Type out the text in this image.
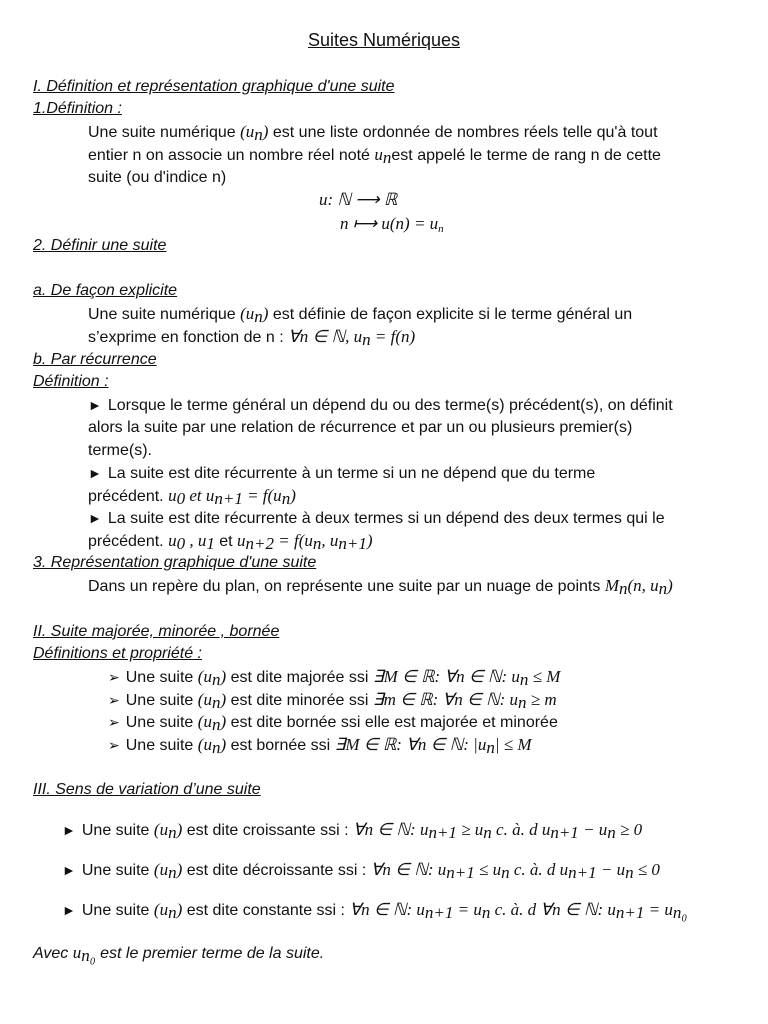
Suites Numériques
I. Définition et représentation graphique d'une suite
1.Définition :
Une suite numérique $(u_n)$ est une liste ordonnée de nombres réels telle qu'à tout
entier n on associe un nombre réel noté $u_nest$ appelé le terme de rang n de cette
suite (ou d'indice n)
u: ℕ ⟶ ℝ
n ⟼ $u(n) = u_n$
2. Définir une suite
a. De façon explicite
Une suite numérique $(u_n)$ est définie de façon explicite si le terme général un
s’exprime en fonction de n : ∀n ∈ ℕ, $u_n = f(n)$
b. Par récurrence
Définition :
► Lorsque le terme général un dépend du ou des terme(s) précédent(s), on définit
alors la suite par une relation de récurrence et par un ou plusieurs premier(s)
terme(s).
► La suite est dite récurrente à un terme si un ne dépend que du terme
précédent. $u_0$ et $u_{n+1} = f(u_n)$
► La suite est dite récurrente à deux termes si un dépend des deux termes qui le
précédent. $u_0$ , $u_1$ et $u_{n+2} = f(u_n$, $u_{n+1}$)
3. Représentation graphique d'une suite
Dans un repère du plan, on représente une suite par un nuage de points $M_n(n$, $u_n$)
II. Suite majorée, minorée , bornée
Définitions et propriété :
➢ Une suite $(u_n)$ est dite majorée ssi ∃M ∈ ℝ: ∀n ∈ ℕ: $u_n \le M$
➢ Une suite $(u_n)$ est dite minorée ssi ∃m ∈ ℝ: ∀n ∈ ℕ: $u_n \ge m$
➢ Une suite $(u_n)$ est dite bornée ssi elle est majorée et minorée
➢ Une suite $(u_n)$ est bornée ssi ∃M ∈ ℝ: ∀n ∈ ℕ: $|u_n| \le M$
III. Sens de variation d’une suite
► Une suite $(u_n)$ est dite croissante ssi : ∀n ∈ ℕ: $u_{n+1} \ge u_n$ c. à. d $u_{n+1} - u_n \ge 0$
► Une suite $(u_n)$ est dite décroissante ssi : ∀n ∈ ℕ: $u_{n+1} \le u_n$ c. à. d $u_{n+1} - u_n \le 0$
► Une suite $(u_n)$ est dite constante ssi : ∀n ∈ ℕ: $u_{n+1} = u_n$ c. à. d ∀n ∈ ℕ: $u_{n+1} = u_{n_0}$
Avec $u_{n_0}$ est le premier terme de la suite.
